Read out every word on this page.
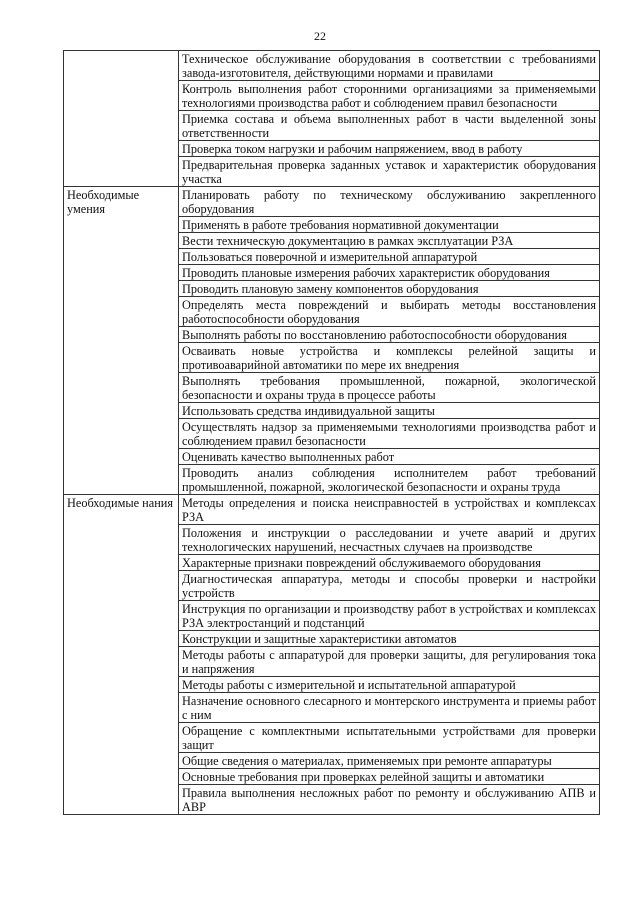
22
	Техническое обслуживание оборудования в соответствии с требованиями завода-изготовителя, действующими нормами и правилами
	Контроль выполнения работ сторонними организациями за применяемыми технологиями производства работ и соблюдением правил безопасности
	Приемка состава и объема выполненных работ в части выделенной зоны ответственности
	Проверка током нагрузки и рабочим напряжением, ввод в работу
	Предварительная проверка заданных уставок и характеристик оборудования участка

Необходимые умения	Планировать работу по техническому обслуживанию закрепленного оборудования
	Применять в работе требования нормативной документации
	Вести техническую документацию в рамках эксплуатации РЗА
	Пользоваться поверочной и измерительной аппаратурой
	Проводить плановые измерения рабочих характеристик оборудования
	Проводить плановую замену компонентов оборудования
	Определять места повреждений и выбирать методы восстановления работоспособности оборудования
	Выполнять работы по восстановлению работоспособности оборудования
	Осваивать новые устройства и комплексы релейной защиты и противоаварийной автоматики по мере их внедрения
	Выполнять требования промышленной, пожарной, экологической безопасности и охраны труда в процессе работы
	Использовать средства индивидуальной защиты
	Осуществлять надзор за применяемыми технологиями производства работ и соблюдением правил безопасности
	Оценивать качество выполненных работ
	Проводить анализ соблюдения исполнителем работ требований промышленной, пожарной, экологической безопасности и охраны труда

Необходимые нания	Методы определения и поиска неисправностей в устройствах и комплексах РЗА
	Положения и инструкции о расследовании и учете аварий и других технологических нарушений, несчастных случаев на производстве
	Характерные признаки повреждений обслуживаемого оборудования
	Диагностическая аппаратура, методы и способы проверки и настройки устройств
	Инструкция по организации и производству работ в устройствах и комплексах РЗА электростанций и подстанций
	Конструкции и защитные характеристики автоматов
	Методы работы с аппаратурой для проверки защиты, для регулирования тока и напряжения
	Методы работы с измерительной и испытательной аппаратурой
	Назначение основного слесарного и монтерского инструмента и приемы работ с ним
	Обращение с комплектными испытательными устройствами для проверки защит
	Общие сведения о материалах, применяемых при ремонте аппаратуры
	Основные требования при проверках релейной защиты и автоматики
	Правила выполнения несложных работ по ремонту и обслуживанию АПВ и АВР
